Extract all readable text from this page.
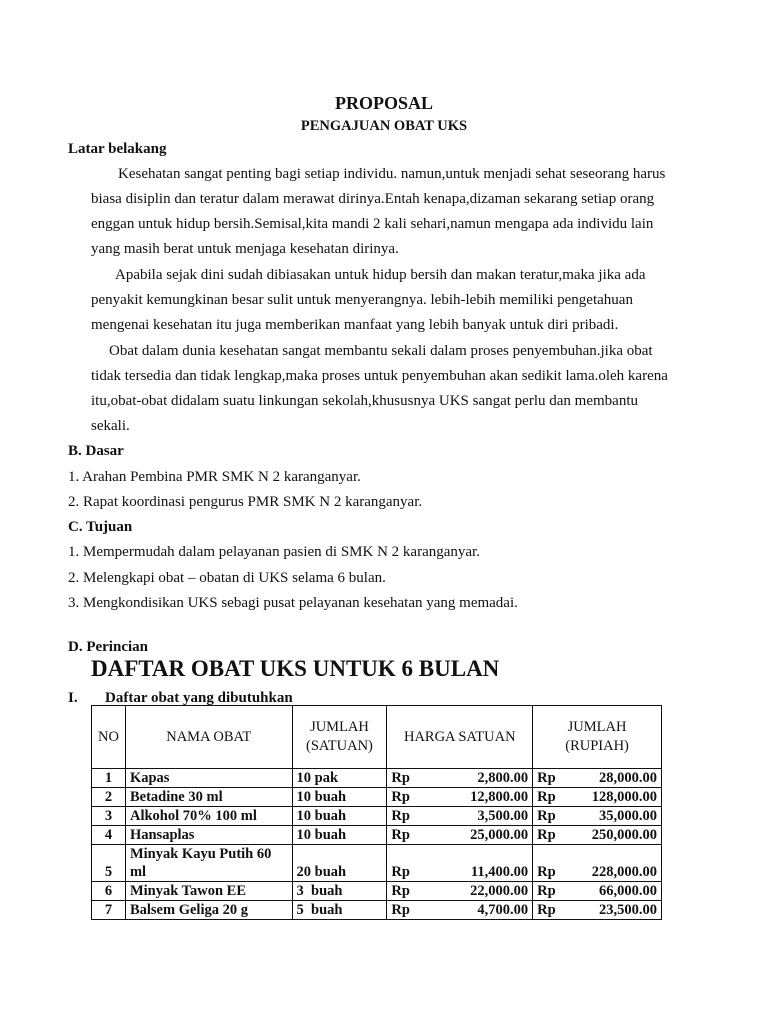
PROPOSAL
PENGAJUAN OBAT UKS
Latar belakang
Kesehatan sangat penting bagi setiap individu. namun,untuk menjadi sehat seseorang harus
biasa disiplin dan teratur dalam merawat dirinya.Entah kenapa,dizaman sekarang setiap orang
enggan untuk hidup bersih.Semisal,kita mandi 2 kali sehari,namun mengapa ada individu lain
yang masih berat untuk menjaga kesehatan dirinya.
Apabila sejak dini sudah dibiasakan untuk hidup bersih dan makan teratur,maka jika ada
penyakit kemungkinan besar sulit untuk menyerangnya. lebih-lebih memiliki pengetahuan
mengenai kesehatan itu juga memberikan manfaat yang lebih banyak untuk diri pribadi.
Obat dalam dunia kesehatan sangat membantu sekali dalam proses penyembuhan.jika obat
tidak tersedia dan tidak lengkap,maka proses untuk penyembuhan akan sedikit lama.oleh karena
itu,obat-obat didalam suatu linkungan sekolah,khususnya UKS sangat perlu dan membantu
sekali.
B. Dasar
1. Arahan Pembina PMR SMK N 2 karanganyar.
2. Rapat koordinasi pengurus PMR SMK N 2 karanganyar.
C. Tujuan
1. Mempermudah dalam pelayanan pasien di SMK N 2 karanganyar.
2. Melengkapi obat – obatan di UKS selama 6 bulan.
3. Mengkondisikan UKS sebagi pusat pelayanan kesehatan yang memadai.
D. Perincian
DAFTAR OBAT UKS UNTUK 6 BULAN
I. Daftar obat yang dibutuhkan
NO	NAMA OBAT	JUMLAH (SATUAN)	HARGA SATUAN	JUMLAH (RUPIAH)
1	Kapas	10 pak	Rp 2,800.00	Rp 28,000.00

2	Betadine 30 ml	10 buah	Rp 12,800.00	Rp 128,000.00

3	Alkohol 70% 100 ml	10 buah	Rp 3,500.00	Rp 35,000.00

4	Hansaplas	10 buah	Rp 25,000.00	Rp 250,000.00

5	Minyak Kayu Putih 60 ml	20 buah	Rp 11,400.00	Rp 228,000.00

6	Minyak Tawon EE	3  buah	Rp 22,000.00	Rp 66,000.00

7	Balsem Geliga 20 g	5  buah	Rp 4,700.00	Rp 23,500.00
